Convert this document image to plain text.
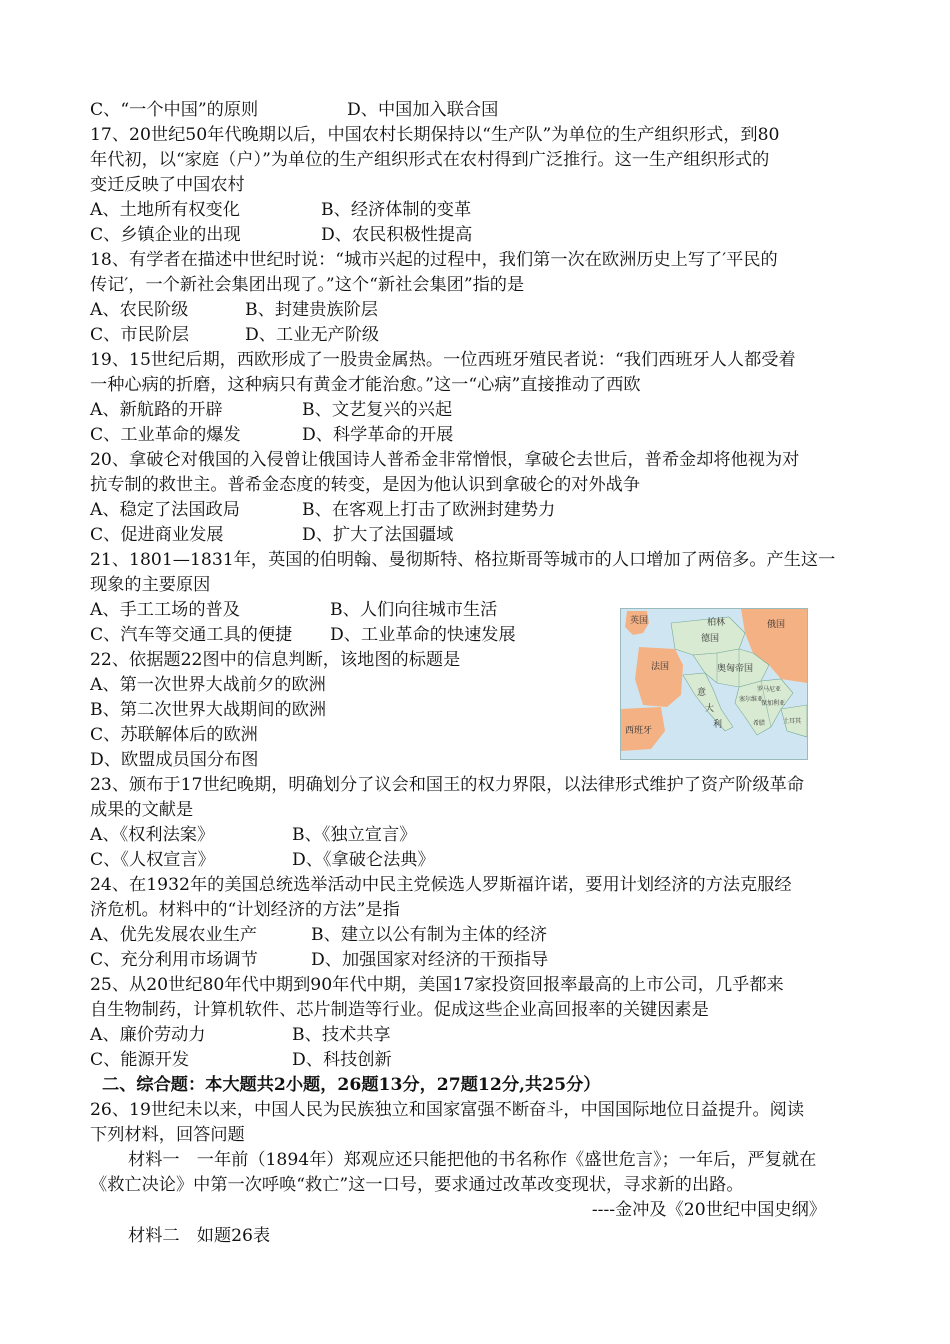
C、“一个中国”的原则	D、中国加入联合国
17、20世纪50年代晚期以后，中国农村长期保持以“生产队”为单位的生产组织形式，到80
年代初，以“家庭（户）”为单位的生产组织形式在农村得到广泛推行。这一生产组织形式的
变迁反映了中国农村
A、土地所有权变化	B、经济体制的变革
C、乡镇企业的出现	D、农民积极性提高
18、有学者在描述中世纪时说：“城市兴起的过程中，我们第一次在欧洲历史上写了′平民的
传记′，一个新社会集团出现了。”这个“新社会集团”指的是
A、农民阶级	B、封建贵族阶层
C、市民阶层	D、工业无产阶级
19、15世纪后期，西欧形成了一股贵金属热。一位西班牙殖民者说：“我们西班牙人人都受着
一种心病的折磨，这种病只有黄金才能治愈。”这一“心病”直接推动了西欧
A、新航路的开辟	B、文艺复兴的兴起
C、工业革命的爆发	D、科学革命的开展
20、拿破仑对俄国的入侵曾让俄国诗人普希金非常憎恨，拿破仑去世后，普希金却将他视为对
抗专制的救世主。普希金态度的转变，是因为他认识到拿破仑的对外战争
A、稳定了法国政局	B、在客观上打击了欧洲封建势力
C、促进商业发展	D、扩大了法国疆域
21、1801—1831年，英国的伯明翰、曼彻斯特、格拉斯哥等城市的人口增加了两倍多。产生这一
现象的主要原因
A、手工工场的普及	B、人们向往城市生活
C、汽车等交通工具的便捷 D、工业革命的快速发展
22、依据题22图中的信息判断，该地图的标题是
A、第一次世界大战前夕的欧洲
B、第二次世界大战期间的欧洲
C、苏联解体后的欧洲
D、欧盟成员国分布图
英国	柏林
德国
俄国
法国	奥匈帝国
西班牙
意
大
利
罗马尼亚
保加利亚
塞尔维亚
希腊	土耳其
23、颁布于17世纪晚期，明确划分了议会和国王的权力界限，以法律形式维护了资产阶级革命
成果的文献是
A、《权利法案》	B、《独立宣言》
C、《人权宣言》	D、《拿破仑法典》
24、在1932年的美国总统选举活动中民主党候选人罗斯福许诺，要用计划经济的方法克服经
济危机。材料中的“计划经济的方法”是指
A、优先发展农业生产	B、建立以公有制为主体的经济
C、充分利用市场调节	D、加强国家对经济的干预指导
25、从20世纪80年代中期到90年代中期，美国17家投资回报率最高的上市公司，几乎都来
自生物制药，计算机软件、芯片制造等行业。促成这些企业高回报率的关键因素是
A、廉价劳动力	B、技术共享
C、能源开发	D、科技创新
二、综合题：本大题共2小题，26题13分，27题12分,共25分）
26、19世纪未以来，中国人民为民族独立和国家富强不断奋斗，中国国际地位日益提升。阅读
下列材料，回答问题
材料一　一年前（1894年）郑观应还只能把他的书名称作《盛世危言》；一年后，严复就在
《救亡决论》中第一次呼唤“救亡”这一口号，要求通过改革改变现状，寻求新的出路。
----金冲及《20世纪中国史纲》
材料二　如题26表
